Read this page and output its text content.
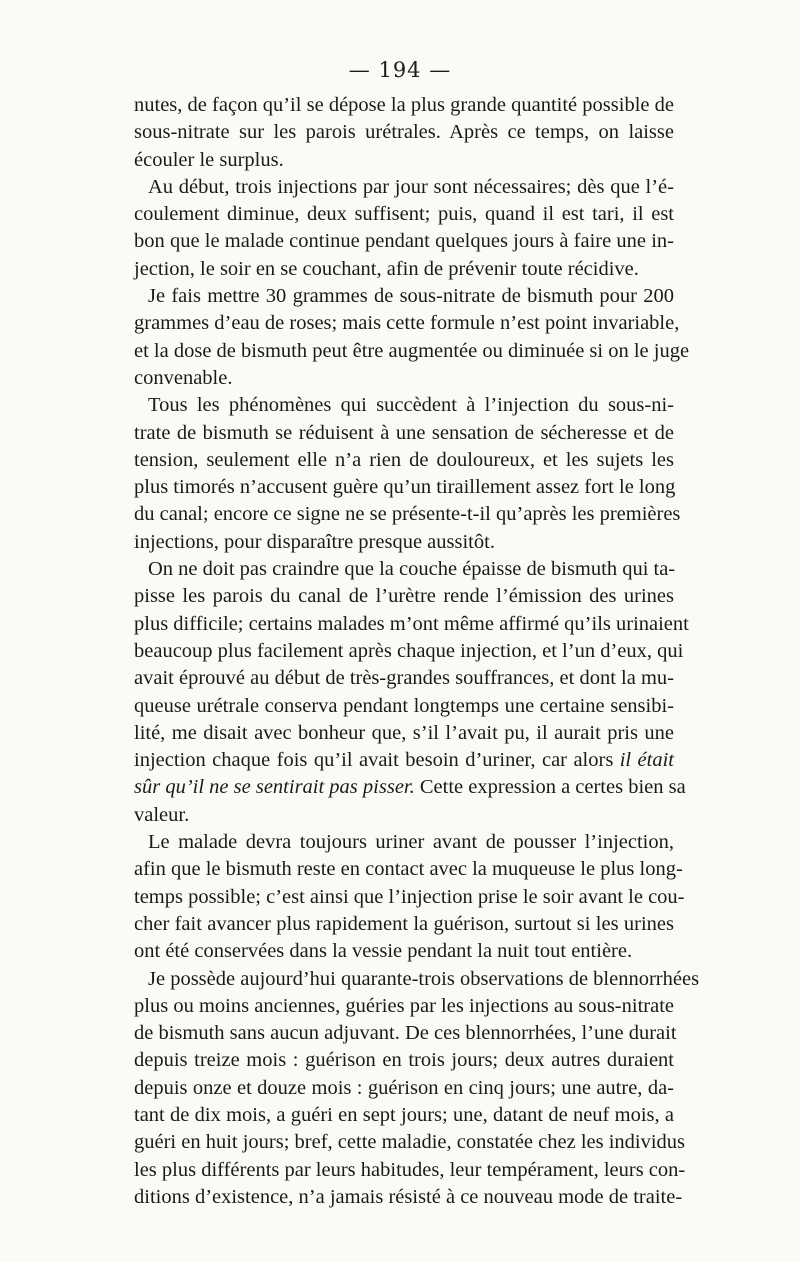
— 194 —
nutes, de façon qu’il se dépose la plus grande quantité possible de
sous-nitrate sur les parois urétrales. Après ce temps, on laisse
écouler le surplus.
Au début, trois injections par jour sont nécessaires; dès que l’é-
coulement diminue, deux suffisent; puis, quand il est tari, il est
bon que le malade continue pendant quelques jours à faire une in-
jection, le soir en se couchant, afin de prévenir toute récidive.
Je fais mettre 30 grammes de sous-nitrate de bismuth pour 200
grammes d’eau de roses; mais cette formule n’est point invariable,
et la dose de bismuth peut être augmentée ou diminuée si on le juge
convenable.
Tous les phénomènes qui succèdent à l’injection du sous-ni-
trate de bismuth se réduisent à une sensation de sécheresse et de
tension, seulement elle n’a rien de douloureux, et les sujets les
plus timorés n’accusent guère qu’un tiraillement assez fort le long
du canal; encore ce signe ne se présente-t-il qu’après les premières
injections, pour disparaître presque aussitôt.
On ne doit pas craindre que la couche épaisse de bismuth qui ta-
pisse les parois du canal de l’urètre rende l’émission des urines
plus difficile; certains malades m’ont même affirmé qu’ils urinaient
beaucoup plus facilement après chaque injection, et l’un d’eux, qui
avait éprouvé au début de très-grandes souffrances, et dont la mu-
queuse urétrale conserva pendant longtemps une certaine sensibi-
lité, me disait avec bonheur que, s’il l’avait pu, il aurait pris une
injection chaque fois qu’il avait besoin d’uriner, car alors il était
sûr qu’il ne se sentirait pas pisser. Cette expression a certes bien sa
valeur.
Le malade devra toujours uriner avant de pousser l’injection,
afin que le bismuth reste en contact avec la muqueuse le plus long-
temps possible; c’est ainsi que l’injection prise le soir avant le cou-
cher fait avancer plus rapidement la guérison, surtout si les urines
ont été conservées dans la vessie pendant la nuit tout entière.
Je possède aujourd’hui quarante-trois observations de blennorrhées
plus ou moins anciennes, guéries par les injections au sous-nitrate
de bismuth sans aucun adjuvant. De ces blennorrhées, l’une durait
depuis treize mois : guérison en trois jours; deux autres duraient
depuis onze et douze mois : guérison en cinq jours; une autre, da-
tant de dix mois, a guéri en sept jours; une, datant de neuf mois, a
guéri en huit jours; bref, cette maladie, constatée chez les individus
les plus différents par leurs habitudes, leur tempérament, leurs con-
ditions d’existence, n’a jamais résisté à ce nouveau mode de traite-
